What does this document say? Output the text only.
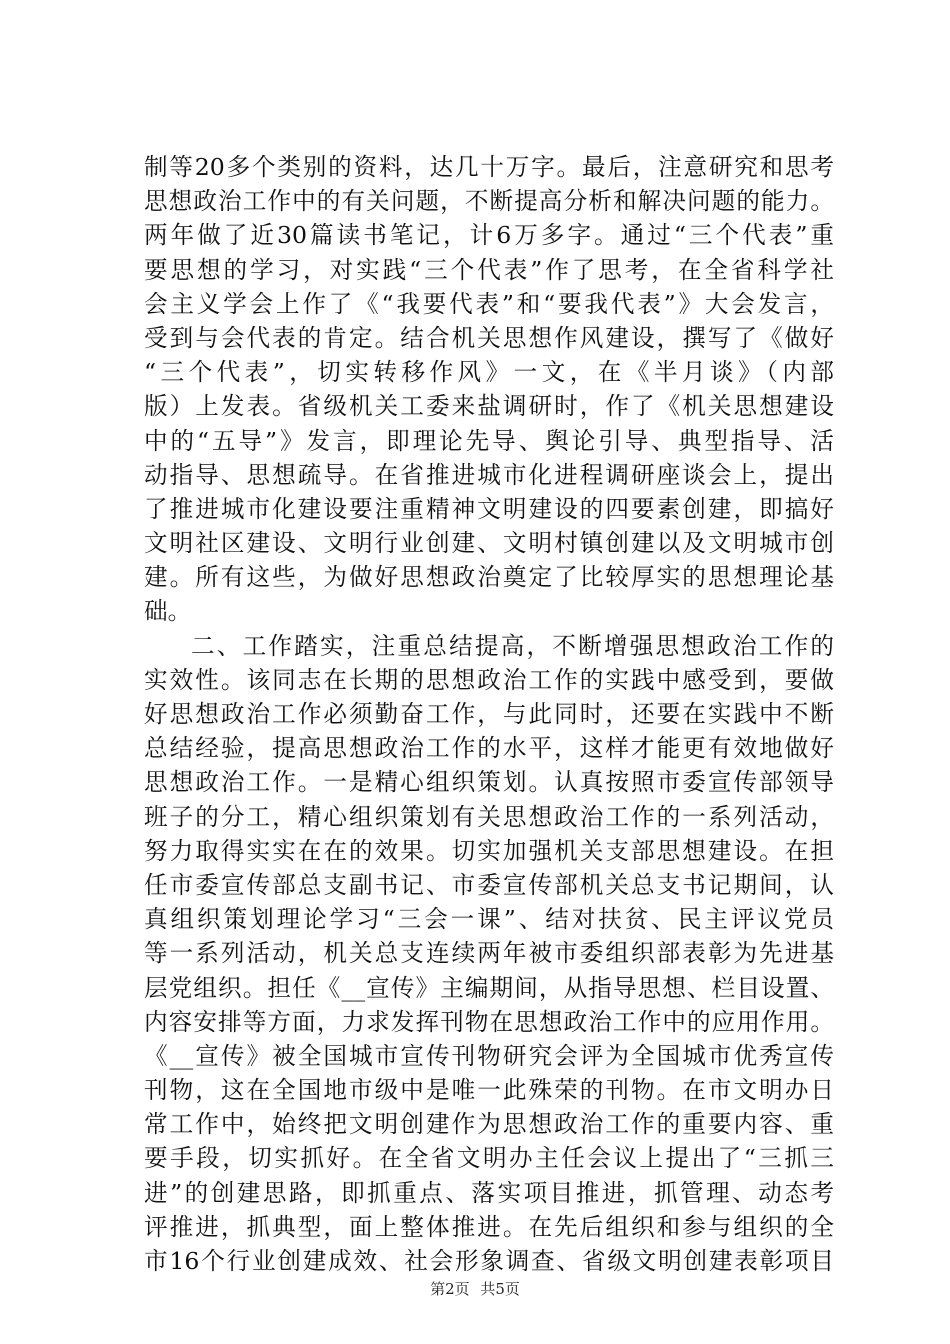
制等20多个类别的资料，达几十万字。最后，注意研究和思考
思想政治工作中的有关问题，不断提高分析和解决问题的能力。
两年做了近30篇读书笔记，计6万多字。通过“三个代表”重
要思想的学习，对实践“三个代表”作了思考，在全省科学社
会主义学会上作了《“我要代表”和“要我代表”》大会发言，
受到与会代表的肯定。结合机关思想作风建设，撰写了《做好
“三个代表”，切实转移作风》一文，在《半月谈》（内部
版）上发表。省级机关工委来盐调研时，作了《机关思想建设
中的“五导”》发言，即理论先导、舆论引导、典型指导、活
动指导、思想疏导。在省推进城市化进程调研座谈会上，提出
了推进城市化建设要注重精神文明建设的四要素创建，即搞好
文明社区建设、文明行业创建、文明村镇创建以及文明城市创
建。所有这些，为做好思想政治奠定了比较厚实的思想理论基
础。
二、工作踏实，注重总结提高，不断增强思想政治工作的
实效性。该同志在长期的思想政治工作的实践中感受到，要做
好思想政治工作必须勤奋工作，与此同时，还要在实践中不断
总结经验，提高思想政治工作的水平，这样才能更有效地做好
思想政治工作。一是精心组织策划。认真按照市委宣传部领导
班子的分工，精心组织策划有关思想政治工作的一系列活动，
努力取得实实在在的效果。切实加强机关支部思想建设。在担
任市委宣传部总支副书记、市委宣传部机关总支书记期间，认
真组织策划理论学习“三会一课”、结对扶贫、民主评议党员
等一系列活动，机关总支连续两年被市委组织部表彰为先进基
层党组织。担任《__宣传》主编期间，从指导思想、栏目设置、
内容安排等方面，力求发挥刊物在思想政治工作中的应用作用。
《__宣传》被全国城市宣传刊物研究会评为全国城市优秀宣传
刊物，这在全国地市级中是唯一此殊荣的刊物。在市文明办日
常工作中，始终把文明创建作为思想政治工作的重要内容、重
要手段，切实抓好。在全省文明办主任会议上提出了“三抓三
进”的创建思路，即抓重点、落实项目推进，抓管理、动态考
评推进，抓典型，面上整体推进。在先后组织和参与组织的全
市16个行业创建成效、社会形象调查、省级文明创建表彰项目
第2页 共5页
